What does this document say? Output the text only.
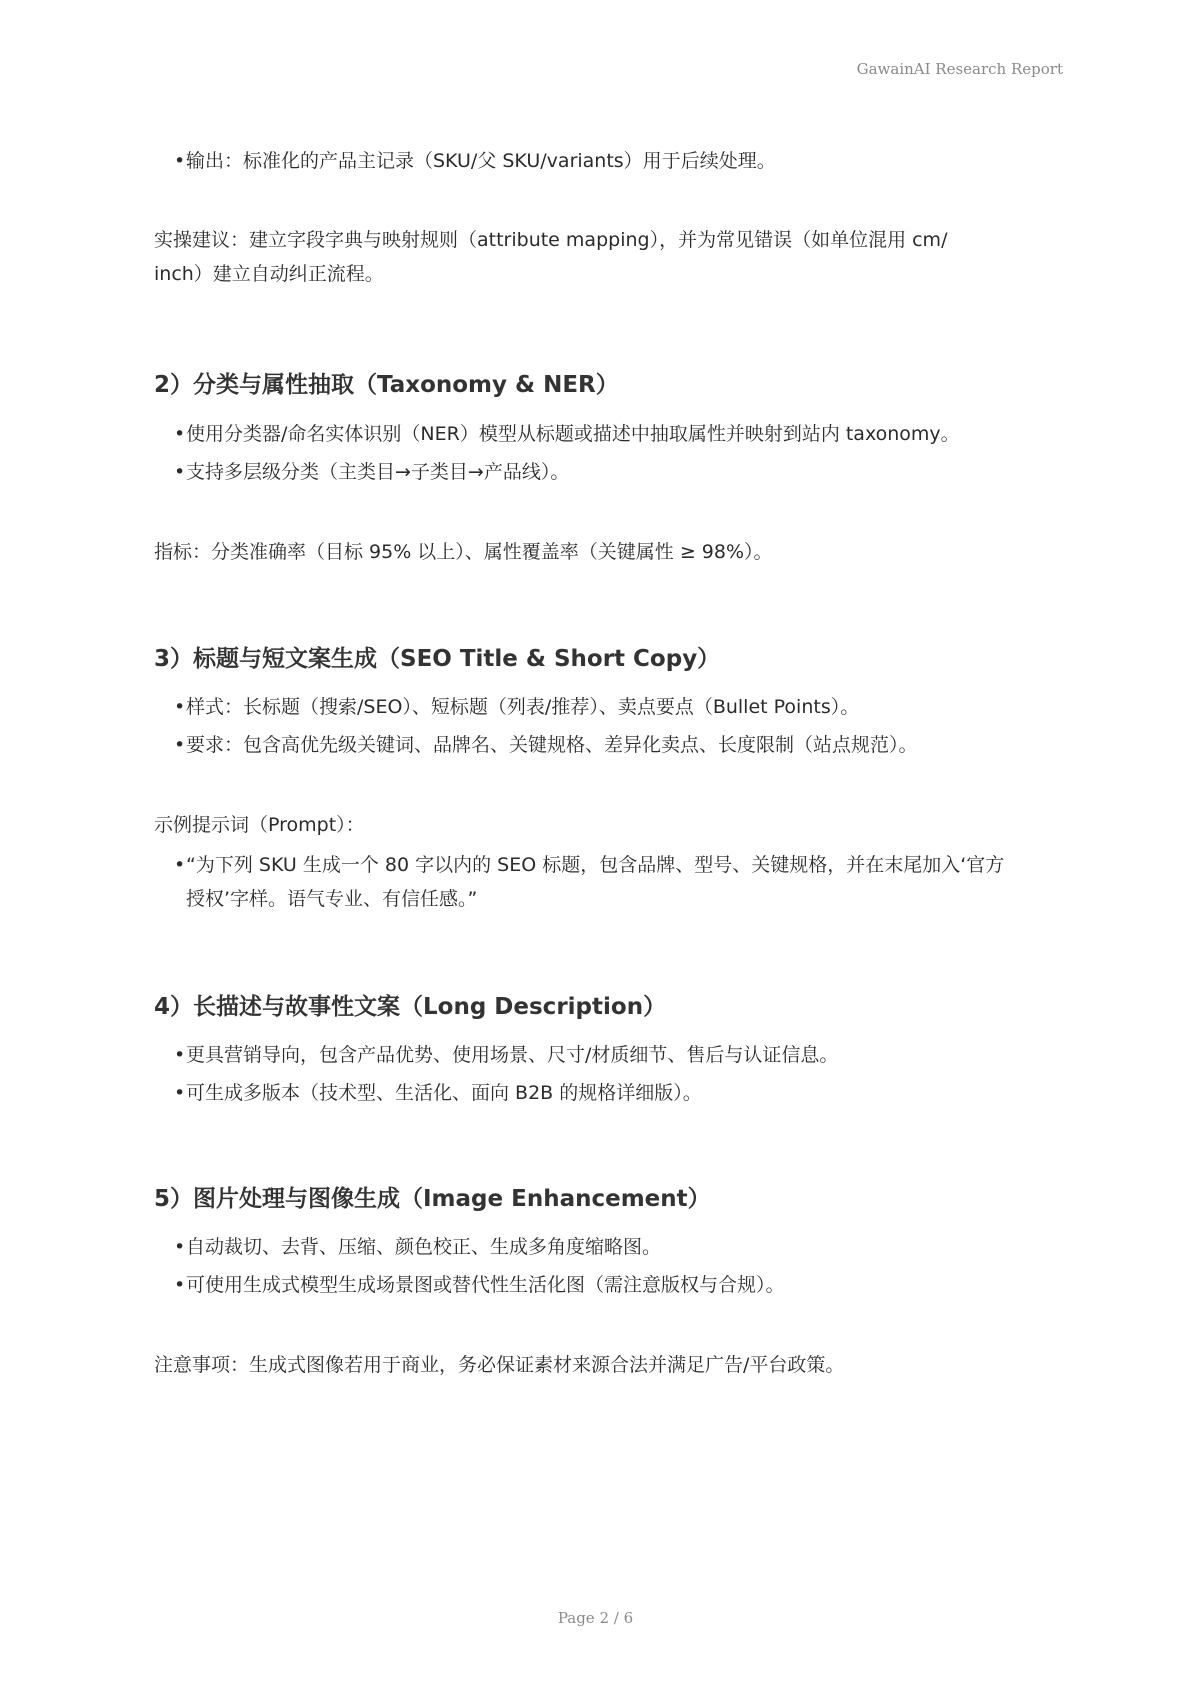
GawainAI Research Report
•输出：标准化的产品主记录（SKU/父 SKU/variants）用于后续处理。
实操建议：建立字段字典与映射规则（attribute mapping），并为常见错误（如单位混用 cm/
inch）建立自动纠正流程。
2）分类与属性抽取（Taxonomy & NER）
•使用分类器/命名实体识别（NER）模型从标题或描述中抽取属性并映射到站内 taxonomy。
•支持多层级分类（主类目→子类目→产品线）。
指标：分类准确率（目标 95% 以上）、属性覆盖率（关键属性 ≥ 98%）。
3）标题与短文案生成（SEO Title & Short Copy）
•样式：长标题（搜索/SEO）、短标题（列表/推荐）、卖点要点（Bullet Points）。
•要求：包含高优先级关键词、品牌名、关键规格、差异化卖点、长度限制（站点规范）。
示例提示词（Prompt）：
•“为下列 SKU 生成一个 80 字以内的 SEO 标题，包含品牌、型号、关键规格，并在末尾加入‘官方
授权’字样。语气专业、有信任感。”
4）长描述与故事性文案（Long Description）
•更具营销导向，包含产品优势、使用场景、尺寸/材质细节、售后与认证信息。
•可生成多版本（技术型、生活化、面向 B2B 的规格详细版）。
5）图片处理与图像生成（Image Enhancement）
•自动裁切、去背、压缩、颜色校正、生成多角度缩略图。
•可使用生成式模型生成场景图或替代性生活化图（需注意版权与合规）。
注意事项：生成式图像若用于商业，务必保证素材来源合法并满足广告/平台政策。
Page 2 / 6
